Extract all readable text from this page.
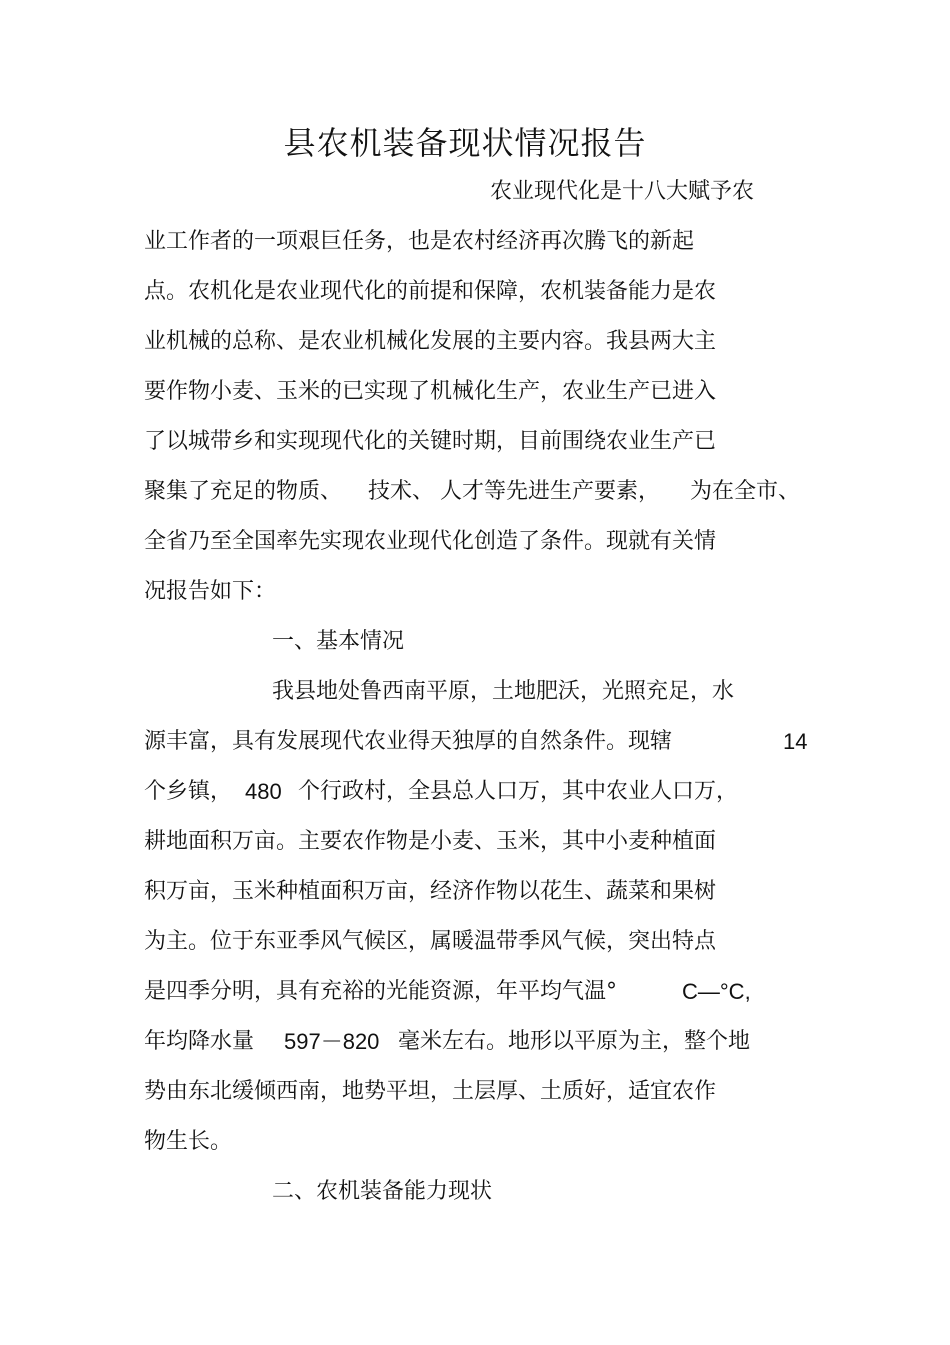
县农机装备现状情况报告
农业现代化是十八大赋予农
业工作者的一项艰巨任务，也是农村经济再次腾飞的新起
点。农机化是农业现代化的前提和保障，农机装备能力是农
业机械的总称、是农业机械化发展的主要内容。我县两大主
要作物小麦、玉米的已实现了机械化生产，农业生产已进入
了以城带乡和实现现代化的关键时期，目前围绕农业生产已
聚集了充足的物质、 技术、 人才等先进生产要素， 为在全市、
全省乃至全国率先实现农业现代化创造了条件。现就有关情
况报告如下：
一、基本情况
我县地处鲁西南平原，土地肥沃，光照充足，水
源丰富，具有发展现代农业得天独厚的自然条件。现辖	14
个乡镇， 480 个行政村，全县总人口万，其中农业人口万，
耕地面积万亩。主要农作物是小麦、玉米，其中小麦种植面
积万亩，玉米种植面积万亩，经济作物以花生、蔬菜和果树
为主。位于东亚季风气候区，属暖温带季风气候，突出特点
是四季分明，具有充裕的光能资源，年平均气温°	C—°C,
年均降水量 597－820 毫米左右。地形以平原为主，整个地
势由东北缓倾西南，地势平坦，土层厚、土质好，适宜农作
物生长。
二、农机装备能力现状
